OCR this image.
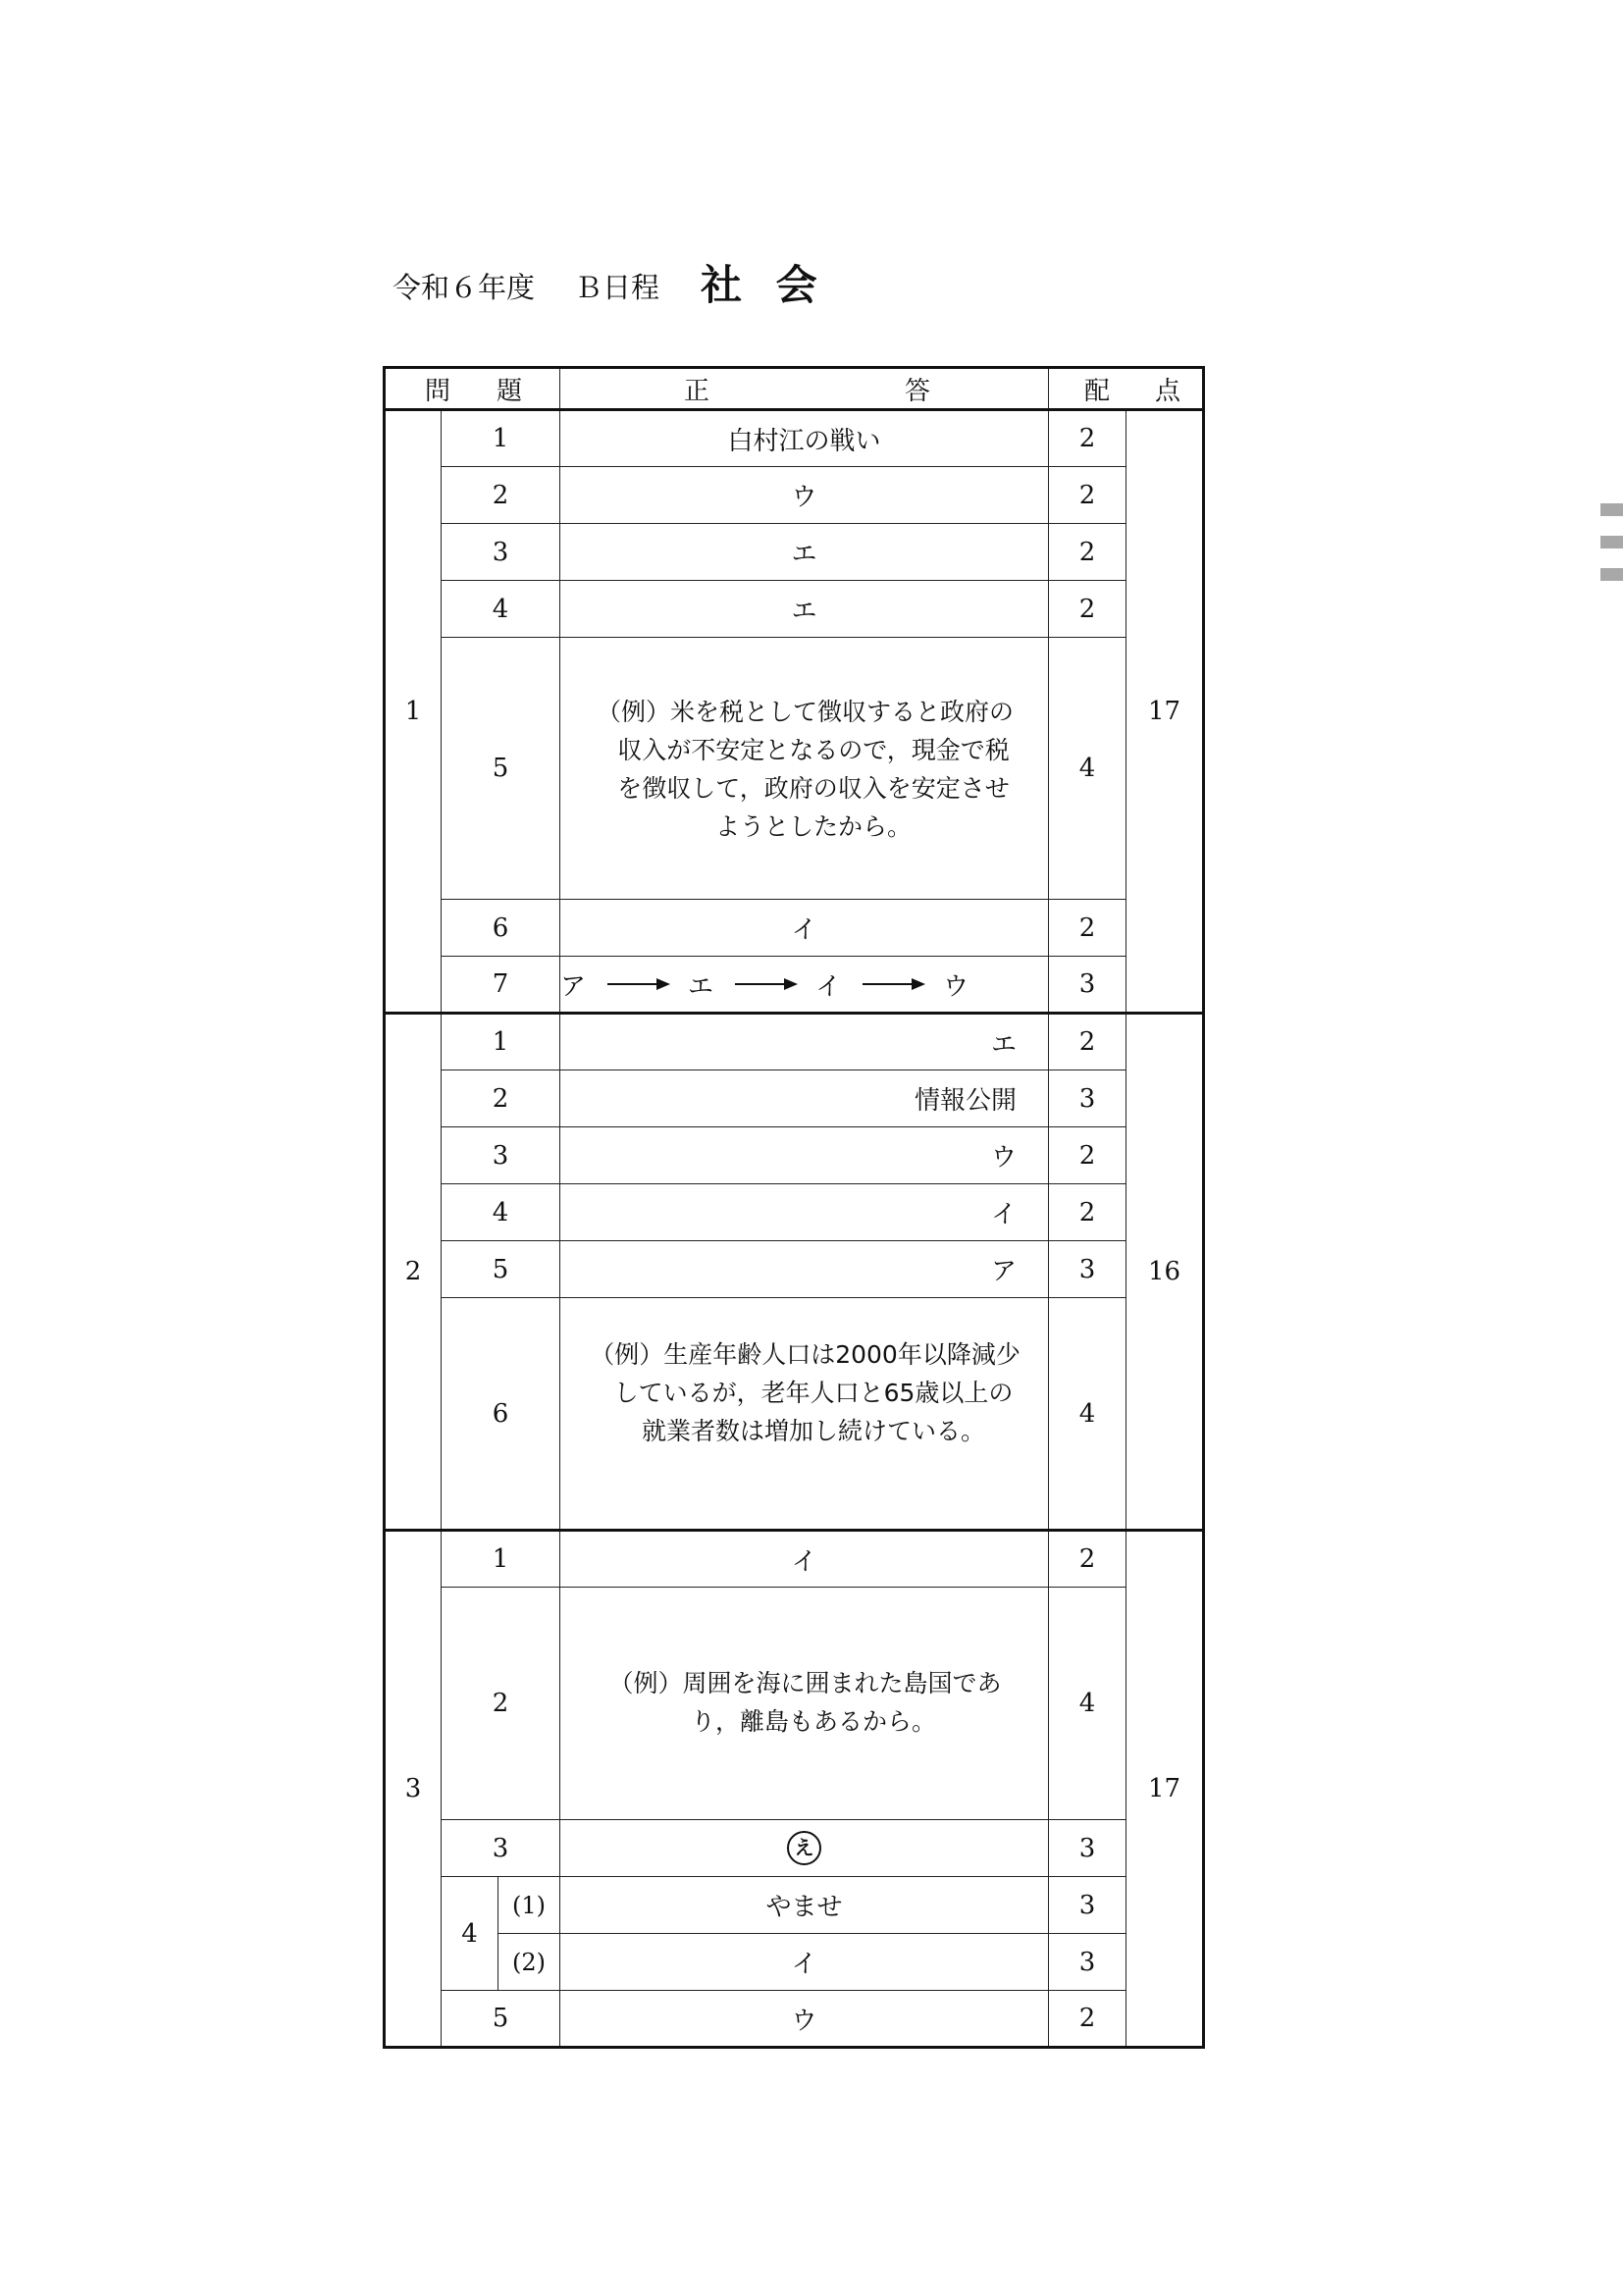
令和６年度 Ｂ日程 社 会
問 題			正 答	配 点	

1	1		白村江の戦い	2	17
	2		ウ	2	
	3		エ	2	
	4		エ	2	
	5		（例）米を税として徴収すると政府の収入が不安定となるので，現金で税を徴収して，政府の収入を安定させようとしたから。	4	
	6		イ	2	
	7		ア エ イ ウ	3	
2	1		エ	2	16
	2		情報公開	3	
	3		ウ	2	
	4		イ	2	
	5		ア	3	
	6		（例）生産年齢人口は2000年以降減少しているが，老年人口と65歳以上の就業者数は増加し続けている。	4	
3	1		イ	2	17
	2		（例）周囲を海に囲まれた島国であり，離島もあるから。	4	
	3		え	3	
	4	(1)	やませ	3	
		(2)	イ	3	
	5		ウ	2	
